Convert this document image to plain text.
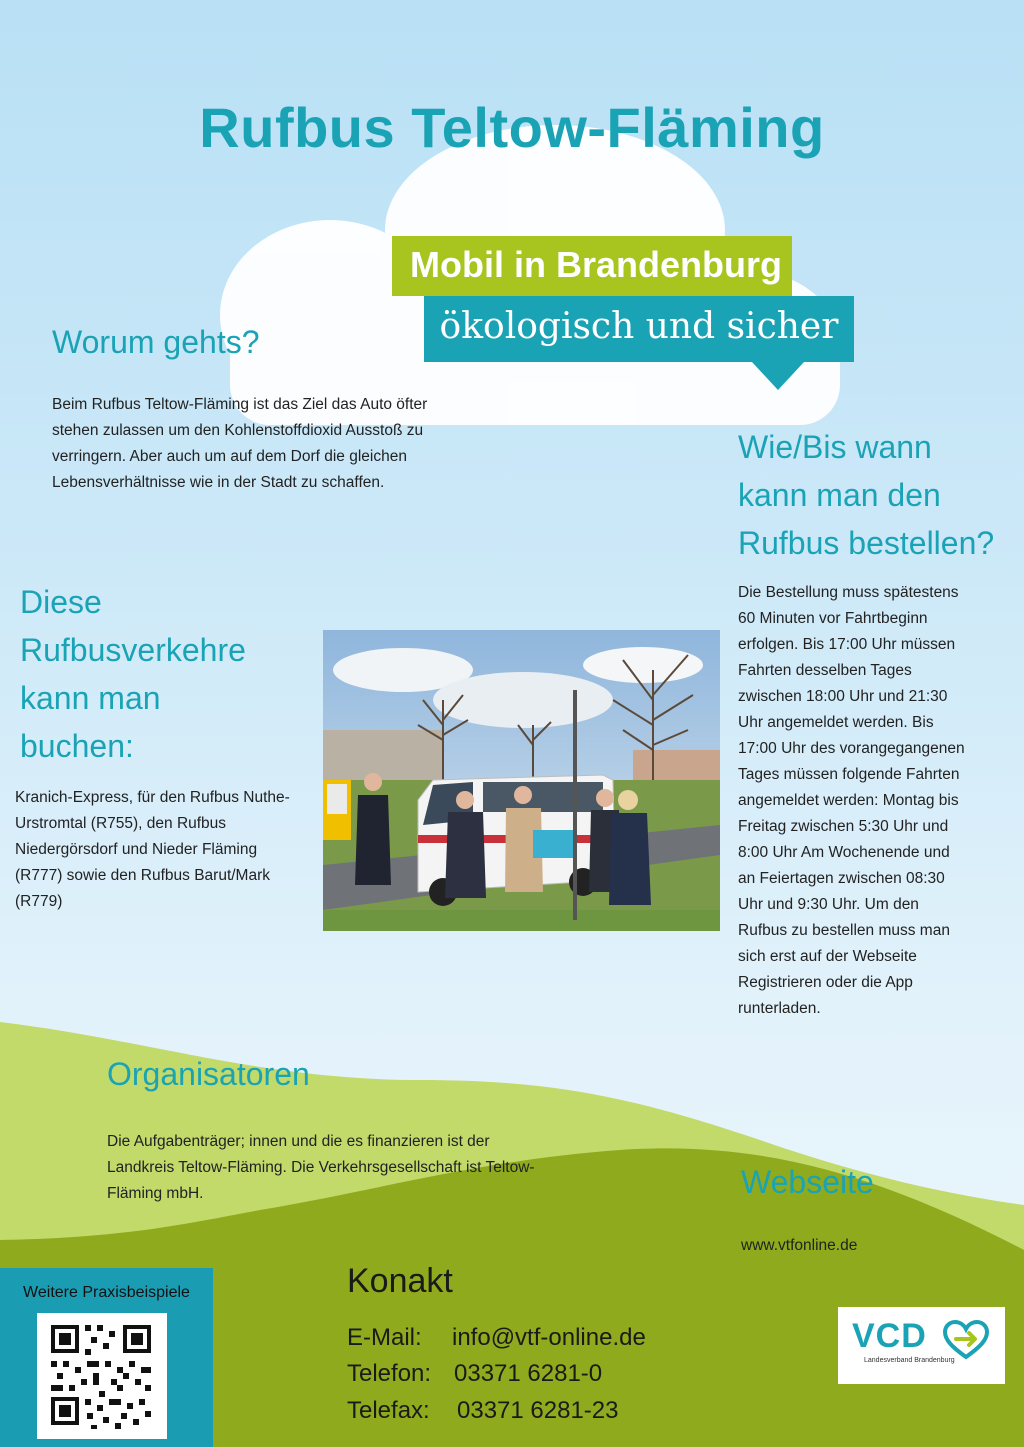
Rufbus Teltow-Fläming
Mobil in Brandenburg
ökologisch und sicher
Worum gehts?
Beim Rufbus Teltow-Fläming ist das Ziel das Auto öfter
stehen zulassen um den Kohlenstoffdioxid Ausstoß zu
verringern. Aber auch um auf dem Dorf die gleichen
Lebensverhältnisse wie in der Stadt zu schaffen.
Wie/Bis wann
kann man den
Rufbus bestellen?
Die Bestellung muss spätestens
60 Minuten vor Fahrtbeginn
erfolgen. Bis 17:00 Uhr müssen
Fahrten desselben Tages
zwischen 18:00 Uhr und 21:30
Uhr angemeldet werden. Bis
17:00 Uhr des vorangegangenen
Tages müssen folgende Fahrten
angemeldet werden: Montag bis
Freitag zwischen 5:30 Uhr und
8:00 Uhr Am Wochenende und
an Feiertagen zwischen 08:30
Uhr und 9:30 Uhr. Um den
Rufbus zu bestellen muss man
sich erst auf der Webseite
Registrieren oder die App
runterladen.
Diese
Rufbusverkehre
kann man
buchen:
Kranich-Express, für den Rufbus Nuthe-
Urstromtal (R755), den Rufbus
Niedergörsdorf und Nieder Fläming
(R777) sowie den Rufbus Barut/Mark
(R779)
Organisatoren
Die Aufgabenträger; innen und die es finanzieren ist der
Landkreis Teltow-Fläming. Die Verkehrsgesellschaft ist Teltow-
Fläming mbH.	Webseite
www.vtfonline.de
Weitere Praxisbeispiele	Konakt
E-Mail: info@vtf-online.de
Telefon: 03371 6281-0
Telefax: 03371 6281-23
VCD
Landesverband Brandenburg
